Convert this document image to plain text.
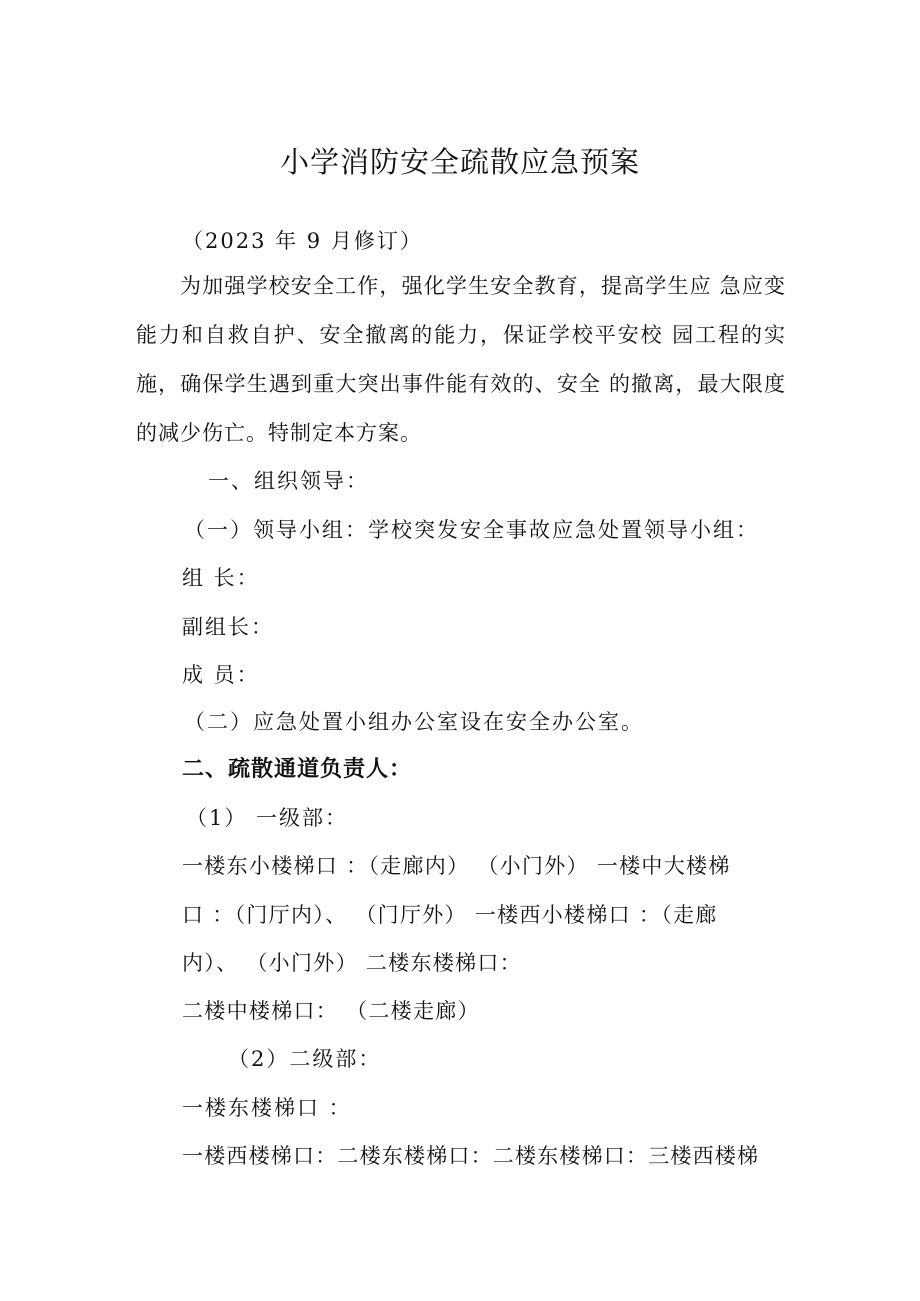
小学消防安全疏散应急预案
（2023 年 9 月修订）
为加强学校安全工作，强化学生安全教育，提高学生应 急应变能力和自救自护、安全撤离的能力，保证学校平安校 园工程的实施，确保学生遇到重大突出事件能有效的、安全 的撤离，最大限度的减少伤亡。特制定本方案。
一、组织领导：
（一）领导小组：学校突发安全事故应急处置领导小组：
组 长：
副组长：
成 员：
（二）应急处置小组办公室设在安全办公室。
二、疏散通道负责人：
（1） 一级部：
一楼东小楼梯口 ：（走廊内） （小门外） 一楼中大楼梯
口 ：（门厅内）、 （门厅外） 一楼西小楼梯口 ：（走廊
内）、 （小门外） 二楼东楼梯口：
二楼中楼梯口： （二楼走廊）
（2）二级部：
一楼东楼梯口 ：
一楼西楼梯口：二楼东楼梯口：二楼东楼梯口：三楼西楼梯
